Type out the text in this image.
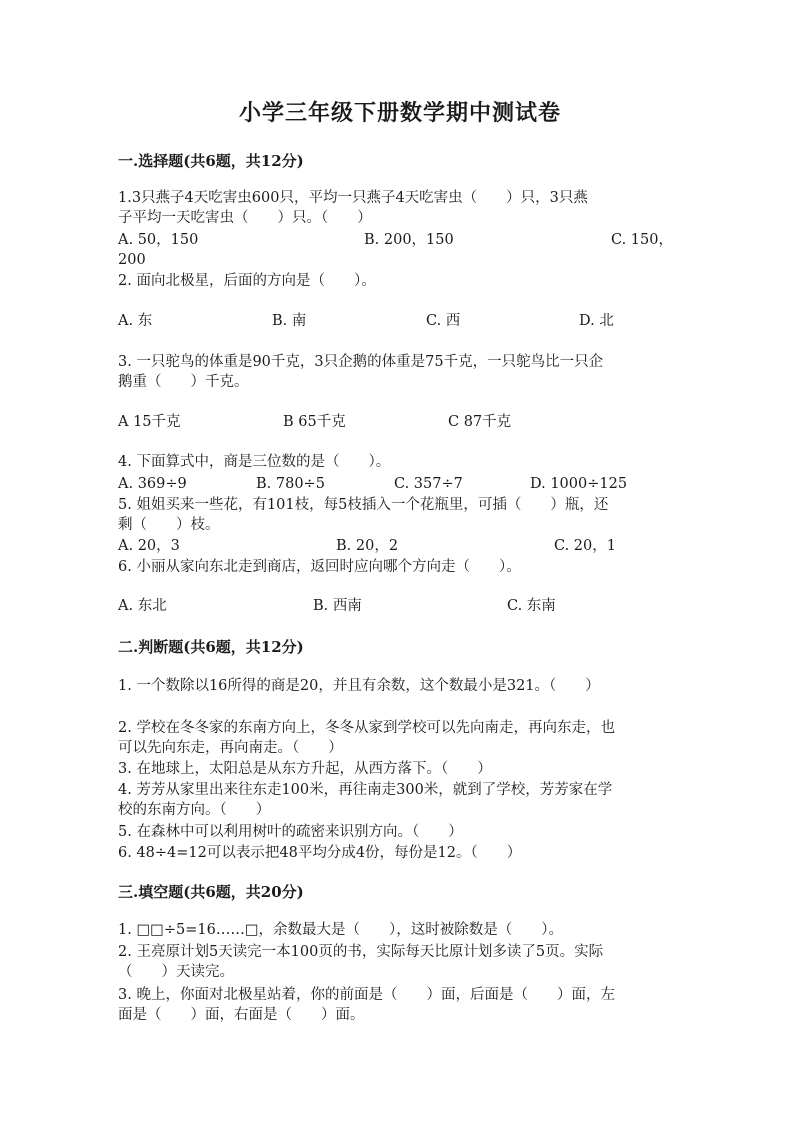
小学三年级下册数学期中测试卷
一.选择题(共6题，共12分)
1.3只燕子4天吃害虫600只，平均一只燕子4天吃害虫（　　）只，3只燕
子平均一天吃害虫（　　）只。（　　）
A. 50，150	B. 200，150	C. 150，
200
2. 面向北极星，后面的方向是（　　）。
A. 东	B. 南	C. 西	D. 北
3. 一只驼鸟的体重是90千克，3只企鹅的体重是75千克，一只鸵鸟比一只企
鹅重（　　）千克。
A 15千克	B 65千克	C 87千克
4. 下面算式中，商是三位数的是（　　）。
A. 369÷9	B. 780÷5	C. 357÷7	D. 1000÷125
5. 姐姐买来一些花，有101枝，每5枝插入一个花瓶里，可插（　　）瓶，还
剩（　　）枝。
A. 20，3	B. 20，2	C. 20，1
6. 小丽从家向东北走到商店，返回时应向哪个方向走（　　）。
A. 东北	B. 西南	C. 东南
二.判断题(共6题，共12分)
1. 一个数除以16所得的商是20，并且有余数，这个数最小是321。（　　）
2. 学校在冬冬家的东南方向上，冬冬从家到学校可以先向南走，再向东走，也
可以先向东走，再向南走。（　　）
3. 在地球上，太阳总是从东方升起，从西方落下。（　　）
4. 芳芳从家里出来往东走100米，再往南走300米，就到了学校，芳芳家在学
校的东南方向。（　　）
5. 在森林中可以利用树叶的疏密来识别方向。（　　）
6. 48÷4=12可以表示把48平均分成4份，每份是12。（　　）
三.填空题(共6题，共20分)
1. □□÷5=16……□，余数最大是（　　），这时被除数是（　　）。
2. 王亮原计划5天读完一本100页的书，实际每天比原计划多读了5页。实际
（　　）天读完。
3. 晚上，你面对北极星站着，你的前面是（　　）面，后面是（　　）面，左
面是（　　）面，右面是（　　）面。
